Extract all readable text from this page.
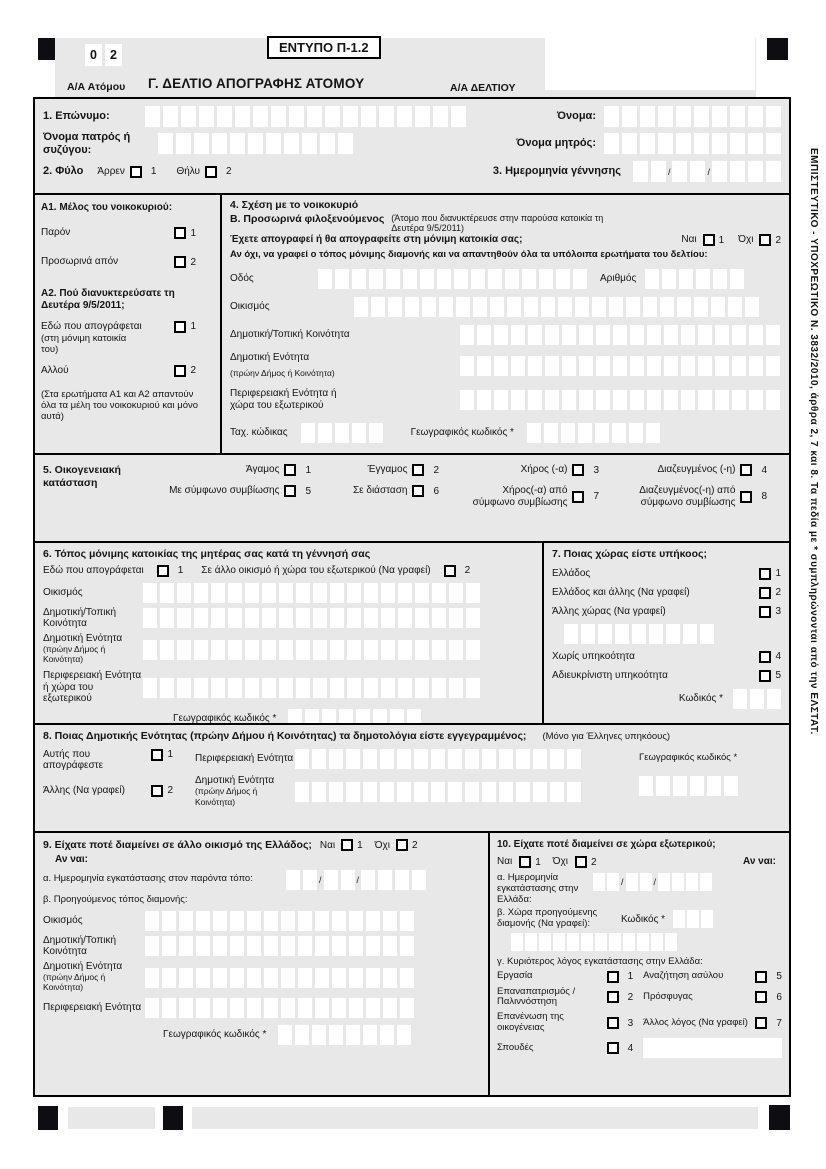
0	2
Α/Α Ατόμου
ΕΝΤΥΠΟ Π-1.2
Γ. ΔΕΛΤΙΟ ΑΠΟΓΡΑΦΗΣ ΑΤΟΜΟΥ	Α/Α ΔΕΛΤΙΟΥ
ΕΜΠΙΣΤΕΥΤΙΚΟ - ΥΠΟΧΡΕΩΤΙΚΟ Ν. 3832/2010, άρθρα 2, 7 και 8. Τα πεδία με * συμπληρώνονται από την ΕΛΣΤΑΤ.
1. Επώνυμο:	Όνομα:
Όνομα πατρός ή συζύγου:
Όνομα μητρός:
2. Φύλο Άρρεν	1 Θήλυ	2	3. Ημερομηνία γέννησης	/	/
Α1. Μέλος του νοικοκυριού:
Παρόν	1
Προσωρινά απόν	2
Α2. Πού διανυκτερεύσατε τη Δευτέρα 9/5/2011;
Εδώ που απογράφεται	1
(στη μόνιμη κατοικία του)
Αλλού	2
(Στα ερωτήματα Α1 και Α2 απαντούν όλα τα μέλη του νοικοκυριού και μόνο αυτά)
4. Σχέση με το νοικοκυριό
Β. Προσωρινά φιλοξενούμενος (Άτομο που διανυκτέρευσε στην παρούσα κατοικία τη Δευτέρα 9/5/2011)
Έχετε απογραφεί ή θα απογραφείτε στη μόνιμη κατοικία σας;	Ναι 1 Όχι 2
Αν όχι, να γραφεί ο τόπος μόνιμης διαμονής και να απαντηθούν όλα τα υπόλοιπα ερωτήματα του δελτίου:
Οδός	Αριθμός
Οικισμός
Δημοτική/Τοπική Κοινότητα
Δημοτική Ενότητα
(πρώην Δήμος ή Κοινότητα)
Περιφερειακή Ενότητα ή χώρα του εξωτερικού
Ταχ. κώδικας	Γεωγραφικός κωδικός *
5. Οικογενειακή κατάσταση
Άγαμος	1	Έγγαμος	2	Χήρος (-α)	3	Διαζευγμένος (-η)	4
Με σύμφωνο συμβίωσης	5	Σε διάσταση	6	Χήρος(-α) από σύμφωνο συμβίωσης	7
Διαζευγμένος(-η) από σύμφωνο συμβίωσης	8
6. Τόπος μόνιμης κατοικίας της μητέρας σας κατά τη γέννησή σας
Εδώ που απογράφεται	1 Σε άλλο οικισμό ή χώρα του εξωτερικού (Να γραφεί)	2
Οικισμός
Δημοτική/Τοπική Κοινότητα
Δημοτική Ενότητα
(πρώην Δήμος ή Κοινότητα)
Περιφερειακή Ενότητα ή χώρα του εξωτερικού
Γεωγραφικός κωδικός *
7. Ποιας χώρας είστε υπήκοος;
Ελλάδος	1
Ελλάδος και άλλης (Να γραφεί)	2
Άλλης χώρας (Να γραφεί)	3
Χωρίς υπηκοότητα	4
Αδιευκρίνιστη υπηκοότητα	5
Κωδικός *
8. Ποιας Δημοτικής Ενότητας (πρώην Δήμου ή Κοινότητας) τα δημοτολόγια είστε εγγεγραμμένος; (Μόνο για Έλληνες υπηκόους)
Αυτής που απογράφεστε
1
Άλλης (Να γραφεί)	2
Περιφερειακή Ενότητα
Δημοτική Ενότητα
(πρώην Δήμος ή Κοινότητα)
Γεωγραφικός κωδικός *
9. Είχατε ποτέ διαμείνει σε άλλο οικισμό της Ελλάδος; Ναι 1 Όχι 2
Αν ναι:
α. Ημερομηνία εγκατάστασης στον παρόντα τόπο:	/	/
β. Προηγούμενος τόπος διαμονής:
Οικισμός
Δημοτική/Τοπική Κοινότητα
Δημοτική Ενότητα
(πρώην Δήμος ή Κοινότητα)
Περιφερειακή Ενότητα
Γεωγραφικός κωδικός *
10. Είχατε ποτέ διαμείνει σε χώρα εξωτερικού;
Ναι 1 Όχι 2	Αν ναι:
α. Ημερομηνία εγκατάστασης στην Ελλάδα:
/	/
β. Χώρα προηγούμενης διαμονής (Να γραφεί):	Κωδικός *
γ. Κυριότερος λόγος εγκατάστασης στην Ελλάδα:
Εργασία	1 Αναζήτηση ασύλου	5
Επαναπατρισμός / Παλιννόστηση	2 Πρόσφυγας	6
Επανένωση της οικογένειας	3 Άλλος λόγος (Να γραφεί)	7
Σπουδές	4
